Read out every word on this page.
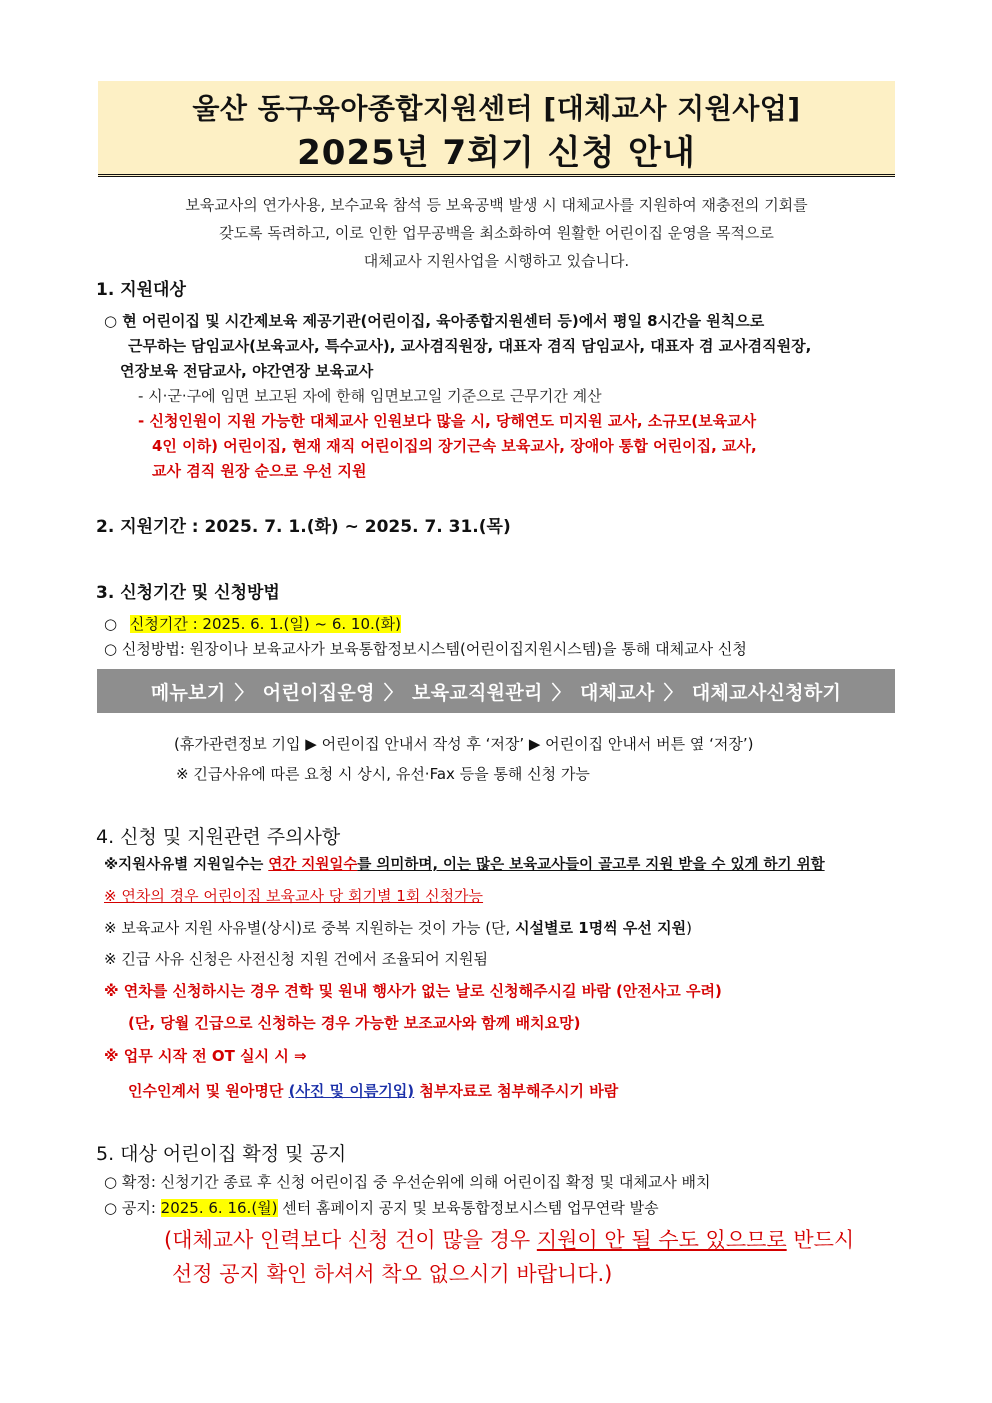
울산 동구육아종합지원센터 [대체교사 지원사업]
2025년 7회기 신청 안내
보육교사의 연가사용, 보수교육 참석 등 보육공백 발생 시 대체교사를 지원하여 재충전의 기회를
갖도록 독려하고, 이로 인한 업무공백을 최소화하여 원활한 어린이집 운영을 목적으로
대체교사 지원사업을 시행하고 있습니다.
1. 지원대상
○ 현 어린이집 및 시간제보육 제공기관(어린이집, 육아종합지원센터 등)에서 평일 8시간을 원칙으로
근무하는 담임교사(보육교사, 특수교사), 교사겸직원장, 대표자 겸직 담임교사, 대표자 겸 교사겸직원장,
연장보육 전담교사, 야간연장 보육교사
- 시·군·구에 임면 보고된 자에 한해 임면보고일 기준으로 근무기간 계산
- 신청인원이 지원 가능한 대체교사 인원보다 많을 시, 당해연도 미지원 교사, 소규모(보육교사
4인 이하) 어린이집, 현재 재직 어린이집의 장기근속 보육교사, 장애아 통합 어린이집, 교사,
교사 겸직 원장 순으로 우선 지원
2. 지원기간 : 2025. 7. 1.(화) ~ 2025. 7. 31.(목)
3. 신청기간 및 신청방법
○ 신청기간 : 2025. 6. 1.(일) ~ 6. 10.(화)
○ 신청방법: 원장이나 보육교사가 보육통합정보시스템(어린이집지원시스템)을 통해 대체교사 신청
메뉴보기 〉 어린이집운영 〉 보육교직원관리 〉 대체교사 〉 대체교사신청하기
(휴가관련정보 기입 ▶ 어린이집 안내서 작성 후 ‘저장’ ▶ 어린이집 안내서 버튼 옆 ‘저장’)
※ 긴급사유에 따른 요청 시 상시, 유선·Fax 등을 통해 신청 가능
4. 신청 및 지원관련 주의사항
※지원사유별 지원일수는 연간 지원일수를 의미하며, 이는 많은 보육교사들이 골고루 지원 받을 수 있게 하기 위함
※ 연차의 경우 어린이집 보육교사 당 회기별 1회 신청가능
※ 보육교사 지원 사유별(상시)로 중복 지원하는 것이 가능 (단, 시설별로 1명씩 우선 지원)
※ 긴급 사유 신청은 사전신청 지원 건에서 조율되어 지원됨
※ 연차를 신청하시는 경우 견학 및 원내 행사가 없는 날로 신청해주시길 바람 (안전사고 우려)
(단, 당월 긴급으로 신청하는 경우 가능한 보조교사와 함께 배치요망)
※ 업무 시작 전 OT 실시 시 ⇒
인수인계서 및 원아명단 (사진 및 이름기입) 첨부자료로 첨부해주시기 바람
5. 대상 어린이집 확정 및 공지
○ 확정: 신청기간 종료 후 신청 어린이집 중 우선순위에 의해 어린이집 확정 및 대체교사 배치
○ 공지: 2025. 6. 16.(월) 센터 홈페이지 공지 및 보육통합정보시스템 업무연락 발송
(대체교사 인력보다 신청 건이 많을 경우 지원이 안 될 수도 있으므로 반드시
선정 공지 확인 하셔서 착오 없으시기 바랍니다.)
